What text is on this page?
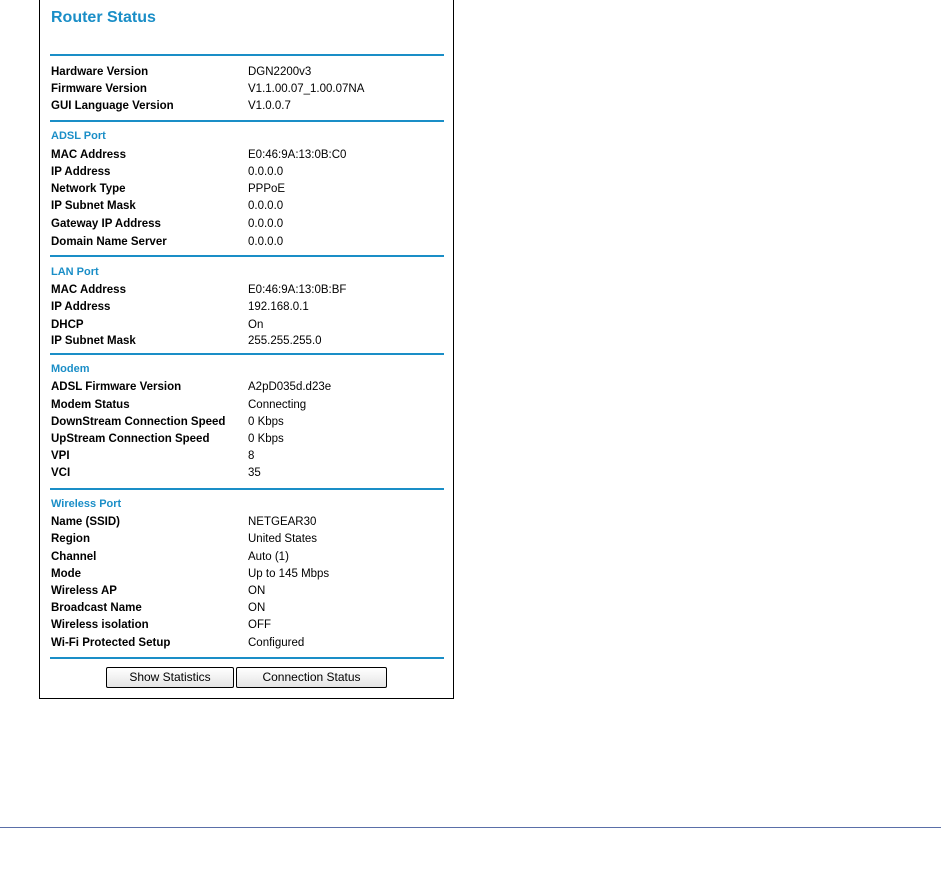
Router Status
Hardware Version	DGN2200v3
Firmware Version	V1.1.00.07_1.00.07NA
GUI Language Version	V1.0.0.7
ADSL Port
MAC Address	E0:46:9A:13:0B:C0
IP Address	0.0.0.0
Network Type	PPPoE
IP Subnet Mask	0.0.0.0
Gateway IP Address	0.0.0.0
Domain Name Server	0.0.0.0
LAN Port
MAC Address	E0:46:9A:13:0B:BF
IP Address	192.168.0.1
DHCP	On
IP Subnet Mask	255.255.255.0
Modem
ADSL Firmware Version	A2pD035d.d23e
Modem Status	Connecting
DownStream Connection Speed 0 Kbps
UpStream Connection Speed	0 Kbps
VPI	8
VCI	35
Wireless Port
Name (SSID)	NETGEAR30
Region	United States
Channel	Auto (1)
Mode	Up to 145 Mbps
Wireless AP	ON
Broadcast Name	ON
Wireless isolation	OFF
Wi-Fi Protected Setup	Configured
Show Statistics	Connection Status
